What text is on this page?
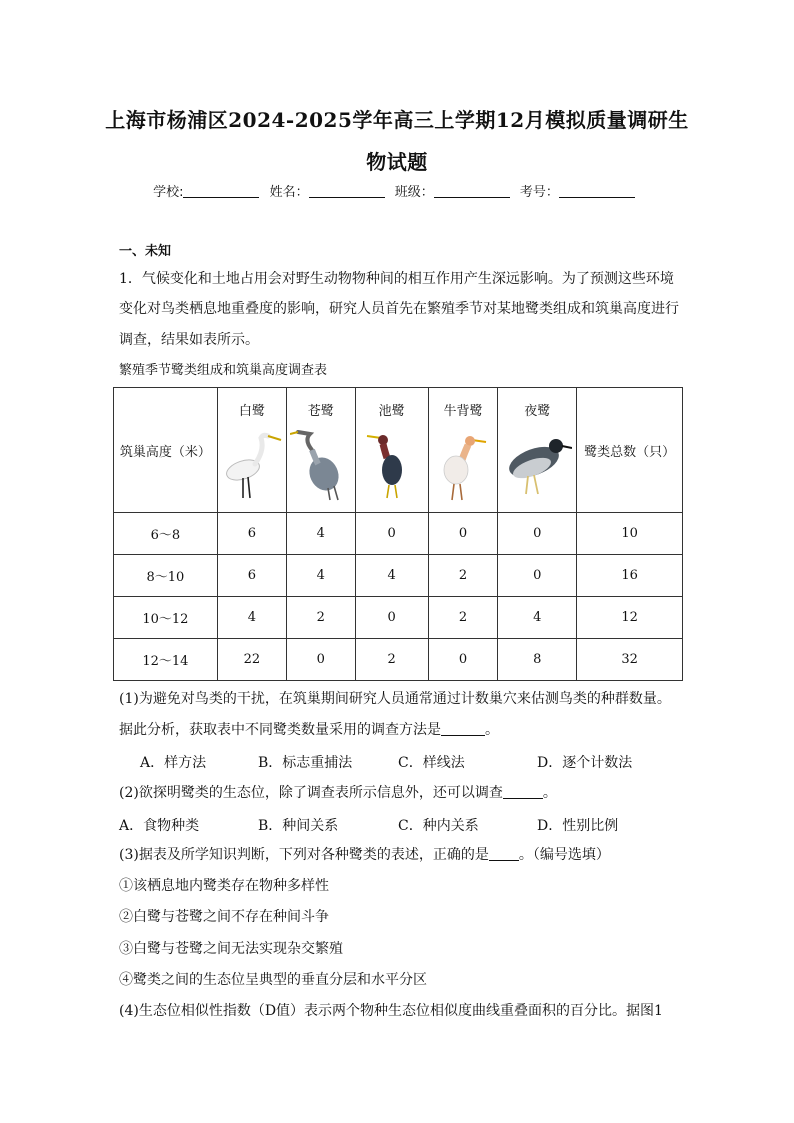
上海市杨浦区2024-2025学年高三上学期12月模拟质量调研生
物试题
学校:	姓名：	班级：	考号：
一、未知
1．气候变化和土地占用会对野生动物物种间的相互作用产生深远影响。为了预测这些环境
变化对鸟类栖息地重叠度的影响，研究人员首先在繁殖季节对某地鹭类组成和筑巢高度进行
调查，结果如表所示。
繁殖季节鹭类组成和筑巢高度调查表
筑巢高度（米）	白鹭	苍鹭	池鹭	牛背鹭	夜鹭	鹭类总数（只）
6～8	6	4	0	0	0	10
8～10	6	4	4	2	0	16
10～12	4	2	0	2	4	12
12～14	22	0	2	0	8	32
(1)为避免对鸟类的干扰，在筑巢期间研究人员通常通过计数巢穴来估测鸟类的种群数量。
据此分析，获取表中不同鹭类数量采用的调查方法是	。
A．样方法	B．标志重捕法	C．样线法	D．逐个计数法
(2)欲探明鹭类的生态位，除了调查表所示信息外，还可以调查	。
A．食物种类	B．种间关系	C．种内关系	D．性别比例
(3)据表及所学知识判断，下列对各种鹭类的表述，正确的是 。（编号选填）
①该栖息地内鹭类存在物种多样性
②白鹭与苍鹭之间不存在种间斗争
③白鹭与苍鹭之间无法实现杂交繁殖
④鹭类之间的生态位呈典型的垂直分层和水平分区
(4)生态位相似性指数（D值）表示两个物种生态位相似度曲线重叠面积的百分比。据图1
